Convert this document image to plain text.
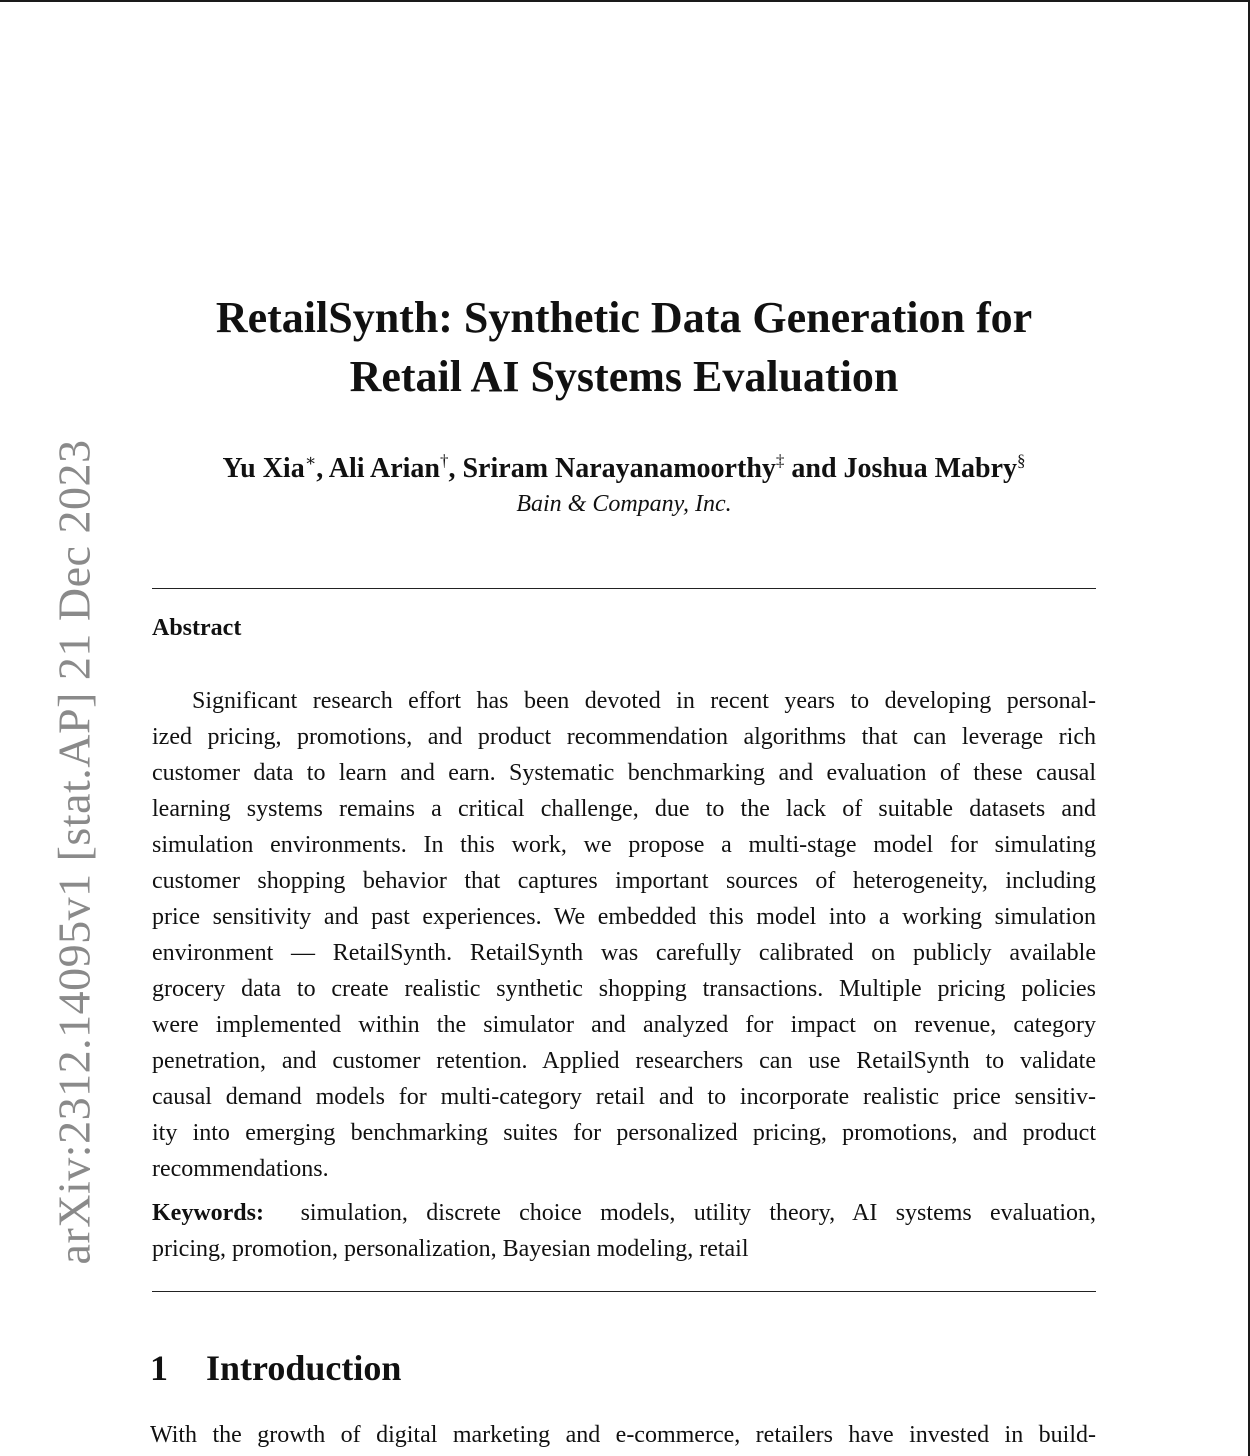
arXiv:2312.14095v1 [stat.AP] 21 Dec 2023
RetailSynth: Synthetic Data Generation for
Retail AI Systems Evaluation
Yu Xia∗, Ali Arian†, Sriram Narayanamoorthy‡ and Joshua Mabry§
Bain & Company, Inc.
Abstract
Significant research effort has been devoted in recent years to developing personal-
ized pricing, promotions, and product recommendation algorithms that can leverage rich
customer data to learn and earn. Systematic benchmarking and evaluation of these causal
learning systems remains a critical challenge, due to the lack of suitable datasets and
simulation environments. In this work, we propose a multi-stage model for simulating
customer shopping behavior that captures important sources of heterogeneity, including
price sensitivity and past experiences. We embedded this model into a working simulation
environment — RetailSynth. RetailSynth was carefully calibrated on publicly available
grocery data to create realistic synthetic shopping transactions. Multiple pricing policies
were implemented within the simulator and analyzed for impact on revenue, category
penetration, and customer retention. Applied researchers can use RetailSynth to validate
causal demand models for multi-category retail and to incorporate realistic price sensitiv-
ity into emerging benchmarking suites for personalized pricing, promotions, and product
recommendations.
Keywords: simulation, discrete choice models, utility theory, AI systems evaluation,
pricing, promotion, personalization, Bayesian modeling, retail
1 Introduction
With the growth of digital marketing and e-commerce, retailers have invested in build-
